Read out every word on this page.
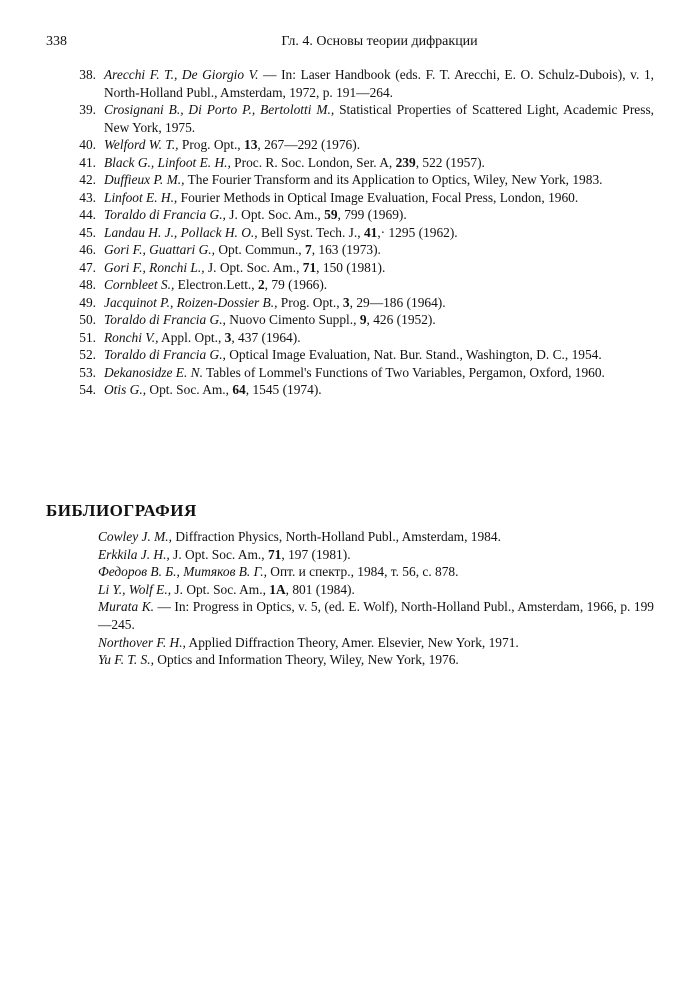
338	Гл. 4. Основы теории дифракции
38. Arecchi F. T., De Giorgio V. — In: Laser Handbook (eds. F. T. Arecchi, E. O. Schulz-Dubois), v. 1, North-Holland Publ., Amsterdam, 1972, p. 191—264.
39. Crosignani B., Di Porto P., Bertolotti M., Statistical Properties of Scattered Light, Academic Press, New York, 1975.
40. Welford W. T., Prog. Opt., 13, 267—292 (1976).
41. Black G., Linfoot E. H., Proc. R. Soc. London, Ser. A, 239, 522 (1957).
42. Duffieux P. M., The Fourier Transform and its Application to Optics, Wiley, New York, 1983.
43. Linfoot E. H., Fourier Methods in Optical Image Evaluation, Focal Press, London, 1960.
44. Toraldo di Francia G., J. Opt. Soc. Am., 59, 799 (1969).
45. Landau H. J., Pollack H. O., Bell Syst. Tech. J., 41,· 1295 (1962).
46. Gori F., Guattari G., Opt. Commun., 7, 163 (1973).
47. Gori F., Ronchi L., J. Opt. Soc. Am., 71, 150 (1981).
48. Cornbleet S., Electron.Lett., 2, 79 (1966).
49. Jacquinot P., Roizen-Dossier B., Prog. Opt., 3, 29—186 (1964).
50. Toraldo di Francia G., Nuovo Cimento Suppl., 9, 426 (1952).
51. Ronchi V., Appl. Opt., 3, 437 (1964).
52. Toraldo di Francia G., Optical Image Evaluation, Nat. Bur. Stand., Washington, D. C., 1954.
53. Dekanosidze E. N. Tables of Lommel's Functions of Two Variables, Pergamon, Oxford, 1960.
54. Otis G., Opt. Soc. Am., 64, 1545 (1974).
БИБЛИОГРАФИЯ
Cowley J. M., Diffraction Physics, North-Holland Publ., Amsterdam, 1984.
Erkkila J. H., J. Opt. Soc. Am., 71, 197 (1981).
Федоров В. Б., Митяков В. Г., Опт. и спектр., 1984, т. 56, с. 878.
Li Y., Wolf E., J. Opt. Soc. Am., 1A, 801 (1984).
Murata K. — In: Progress in Optics, v. 5, (ed. E. Wolf), North-Holland Publ., Amsterdam, 1966, p. 199—245.
Northover F. H., Applied Diffraction Theory, Amer. Elsevier, New York, 1971.
Yu F. T. S., Optics and Information Theory, Wiley, New York, 1976.
